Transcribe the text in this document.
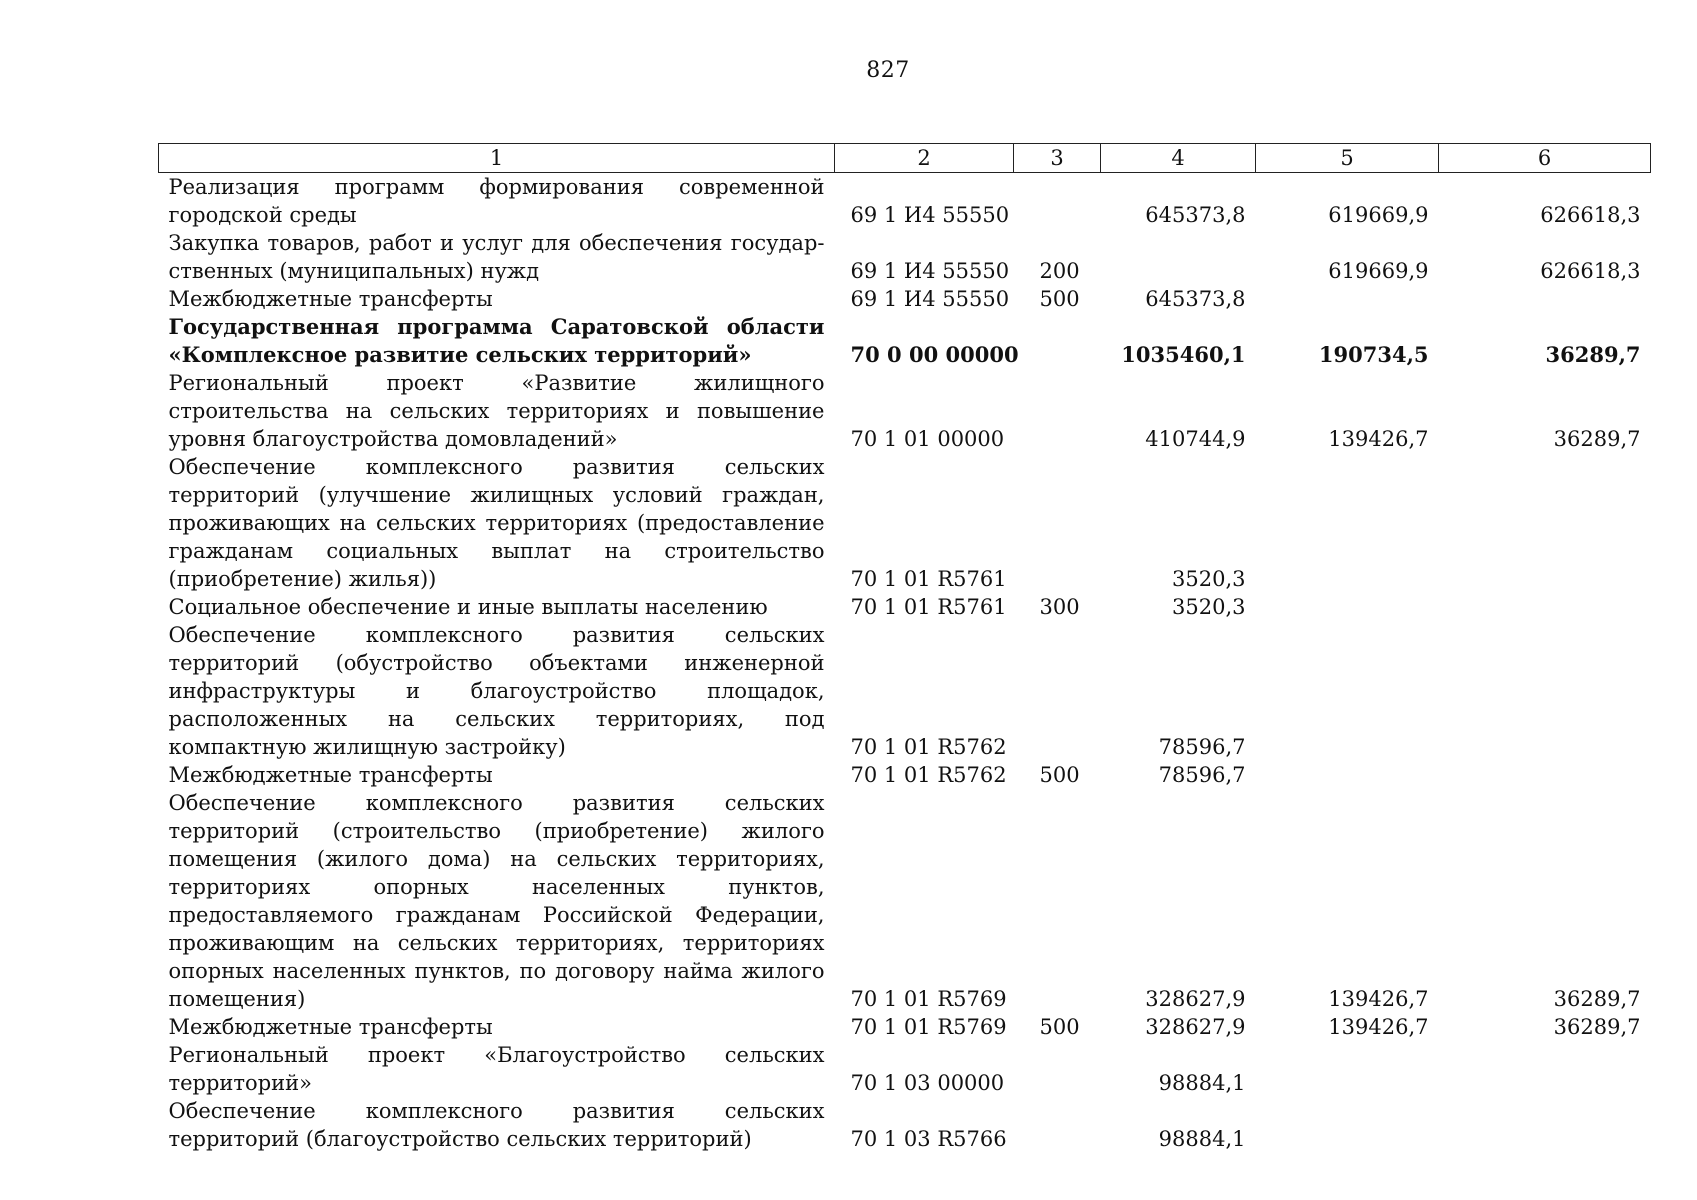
827
1	2	3	4	5	6
Реализация программ формирования современной городской среды	69 1 И4 55550		645373,8	619669,9	626618,3
Закупка товаров, работ и услуг для обеспечения государственных (муниципальных) нужд	69 1 И4 55550	200		619669,9	626618,3
Межбюджетные трансферты	69 1 И4 55550	500	645373,8		
Государственная программа Саратовской области «Комплексное развитие сельских территорий»	70 0 00 00000		1035460,1	190734,5	36289,7
Региональный проект «Развитие жилищного строительства на сельских территориях и повышение уровня благоустройства домовладений»	70 1 01 00000		410744,9	139426,7	36289,7
Обеспечение комплексного развития сельских территорий (улучшение жилищных условий граждан, проживающих на сельских территориях (предоставление гражданам социальных выплат на строительство (приобретение) жилья))	70 1 01 R5761		3520,3		
Социальное обеспечение и иные выплаты населению	70 1 01 R5761	300	3520,3		
Обеспечение комплексного развития сельских территорий (обустройство объектами инженерной инфраструктуры и благоустройство площадок, расположенных на сельских территориях, под компактную жилищную застройку)	70 1 01 R5762		78596,7		
Межбюджетные трансферты	70 1 01 R5762	500	78596,7		
Обеспечение комплексного развития сельских территорий (строительство (приобретение) жилого помещения (жилого дома) на сельских территориях, территориях опорных населенных пунктов, предоставляемого гражданам Российской Федерации, проживающим на сельских территориях, территориях опорных населенных пунктов, по договору найма жилого помещения)	70 1 01 R5769		328627,9	139426,7	36289,7
Межбюджетные трансферты	70 1 01 R5769	500	328627,9	139426,7	36289,7
Региональный проект «Благоустройство сельских территорий»	70 1 03 00000		98884,1		
Обеспечение комплексного развития сельских территорий (благоустройство сельских территорий)	70 1 03 R5766		98884,1		
